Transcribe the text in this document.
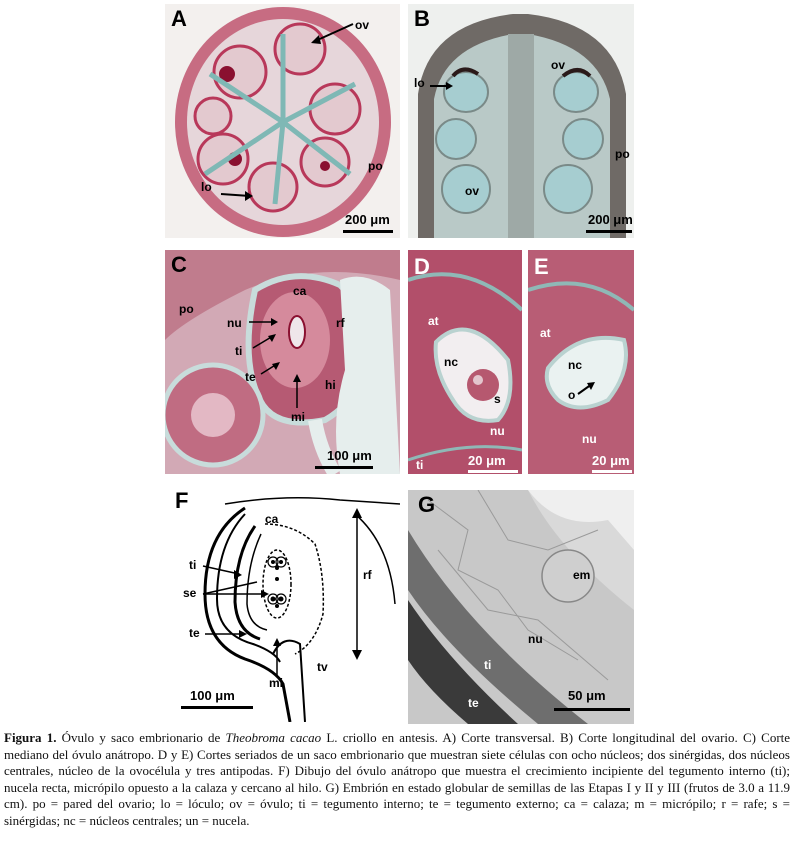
A	ov
po
lo
200 μm
B
ov
lo
po
ov
200 μm
C
ca
po
nu	rf
ti
te
hi
mi
100 μm
D
at
nc
s
nu
ti	20 μm
E
at
nc
o
nu
20 μm
F
ca
ti
se
rf
te
tv
mi
100 μm
G
em
nu
ti
te	50 μm
Figura 1. Óvulo y saco embrionario de Theobroma cacao L. criollo en antesis. A) Corte transversal. B) Corte longitudinal del ovario. C) Corte mediano del óvulo anátropo. D y E) Cortes seriados de un saco embrionario que muestran siete células con ocho núcleos; dos sinérgidas, dos núcleos centrales, núcleo de la ovocélula y tres antipodas. F) Dibujo del óvulo anátropo que muestra el crecimiento incipiente del tegumento interno (ti); nucela recta, micrópilo opuesto a la calaza y cercano al hilo. G) Embrión en estado globular de semillas de las Etapas I y II y III (frutos de 3.0 a 11.9 cm). po = pared del ovario; lo = lóculo; ov = óvulo; ti = tegumento interno; te = tegumento externo; ca = calaza; m = micrópilo; r = rafe; s = sinérgidas; nc = núcleos centrales; un = nucela.
